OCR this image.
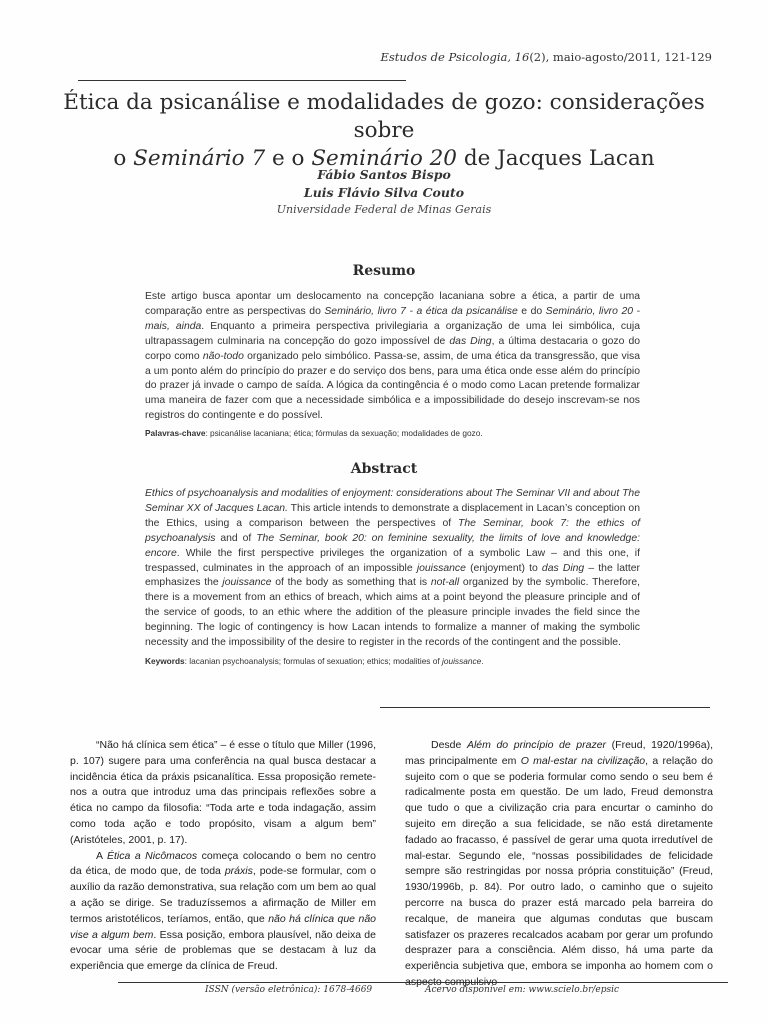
Estudos de Psicologia, 16(2), maio-agosto/2011, 121-129
Ética da psicanálise e modalidades de gozo: considerações sobre
o Seminário 7 e o Seminário 20 de Jacques Lacan
Fábio Santos Bispo
Luis Flávio Silva Couto
Universidade Federal de Minas Gerais
Resumo
Este artigo busca apontar um deslocamento na concepção lacaniana sobre a ética, a partir de uma comparação entre as perspectivas do Seminário, livro 7 - a ética da psicanálise e do Seminário, livro 20 - mais, ainda. Enquanto a primeira perspectiva privilegiaria a organização de uma lei simbólica, cuja ultrapassagem culminaria na concepção do gozo impossível de das Ding, a última destacaria o gozo do corpo como não-todo organizado pelo simbólico. Passa-se, assim, de uma ética da transgressão, que visa a um ponto além do princípio do prazer e do serviço dos bens, para uma ética onde esse além do princípio do prazer já invade o campo de saída. A lógica da contingência é o modo como Lacan pretende formalizar uma maneira de fazer com que a necessidade simbólica e a impossibilidade do desejo inscrevam-se nos registros do contingente e do possível.
Palavras-chave: psicanálise lacaniana; ética; fórmulas da sexuação; modalidades de gozo.
Abstract
Ethics of psychoanalysis and modalities of enjoyment: considerations about The Seminar VII and about The Seminar XX of Jacques Lacan. This article intends to demonstrate a displacement in Lacan’s conception on the Ethics, using a comparison between the perspectives of The Seminar, book 7: the ethics of psychoanalysis and of The Seminar, book 20: on feminine sexuality, the limits of love and knowledge: encore. While the first perspective privileges the organization of a symbolic Law – and this one, if trespassed, culminates in the approach of an impossible jouissance (enjoyment) to das Ding – the latter emphasizes the jouissance of the body as something that is not-all organized by the symbolic. Therefore, there is a movement from an ethics of breach, which aims at a point beyond the pleasure principle and of the service of goods, to an ethic where the addition of the pleasure principle invades the field since the beginning. The logic of contingency is how Lacan intends to formalize a manner of making the symbolic necessity and the impossibility of the desire to register in the records of the contingent and the possible.
Keywords: lacanian psychoanalysis; formulas of sexuation; ethics; modalities of jouissance.

“Não há clínica sem ética” – é esse o título que Miller (1996, p. 107) sugere para uma conferência na qual busca destacar a incidência ética da práxis psicanalítica. Essa proposição remete-nos a outra que introduz uma das principais reflexões sobre a ética no campo da filosofia: “Toda arte e toda indagação, assim como toda ação e todo propósito, visam a algum bem” (Aristóteles, 2001, p. 17).

A Ética a Nicômacos começa colocando o bem no centro da ética, de modo que, de toda práxis, pode-se formular, com o auxílio da razão demonstrativa, sua relação com um bem ao qual a ação se dirige. Se traduzíssemos a afirmação de Miller em termos aristotélicos, teríamos, então, que não há clínica que não vise a algum bem. Essa posição, embora plausível, não deixa de evocar uma série de problemas que se destacam à luz da experiência que emerge da clínica de Freud.

Desde Além do princípio de prazer (Freud, 1920/1996a), mas principalmente em O mal-estar na civilização, a relação do sujeito com o que se poderia formular como sendo o seu bem é radicalmente posta em questão. De um lado, Freud demonstra que tudo o que a civilização cria para encurtar o caminho do sujeito em direção a sua felicidade, se não está diretamente fadado ao fracasso, é passível de gerar uma quota irredutível de mal-estar. Segundo ele, “nossas possibilidades de felicidade sempre são restringidas por nossa própria constituição” (Freud, 1930/1996b, p. 84). Por outro lado, o caminho que o sujeito percorre na busca do prazer está marcado pela barreira do recalque, de maneira que algumas condutas que buscam satisfazer os prazeres recalcados acabam por gerar um profundo desprazer para a consciência. Além disso, há uma parte da experiência subjetiva que, embora se imponha ao homem com o aspecto compulsivo

ISSN (versão eletrônica): 1678-4669	Acervo disponível em: www.scielo.br/epsic
